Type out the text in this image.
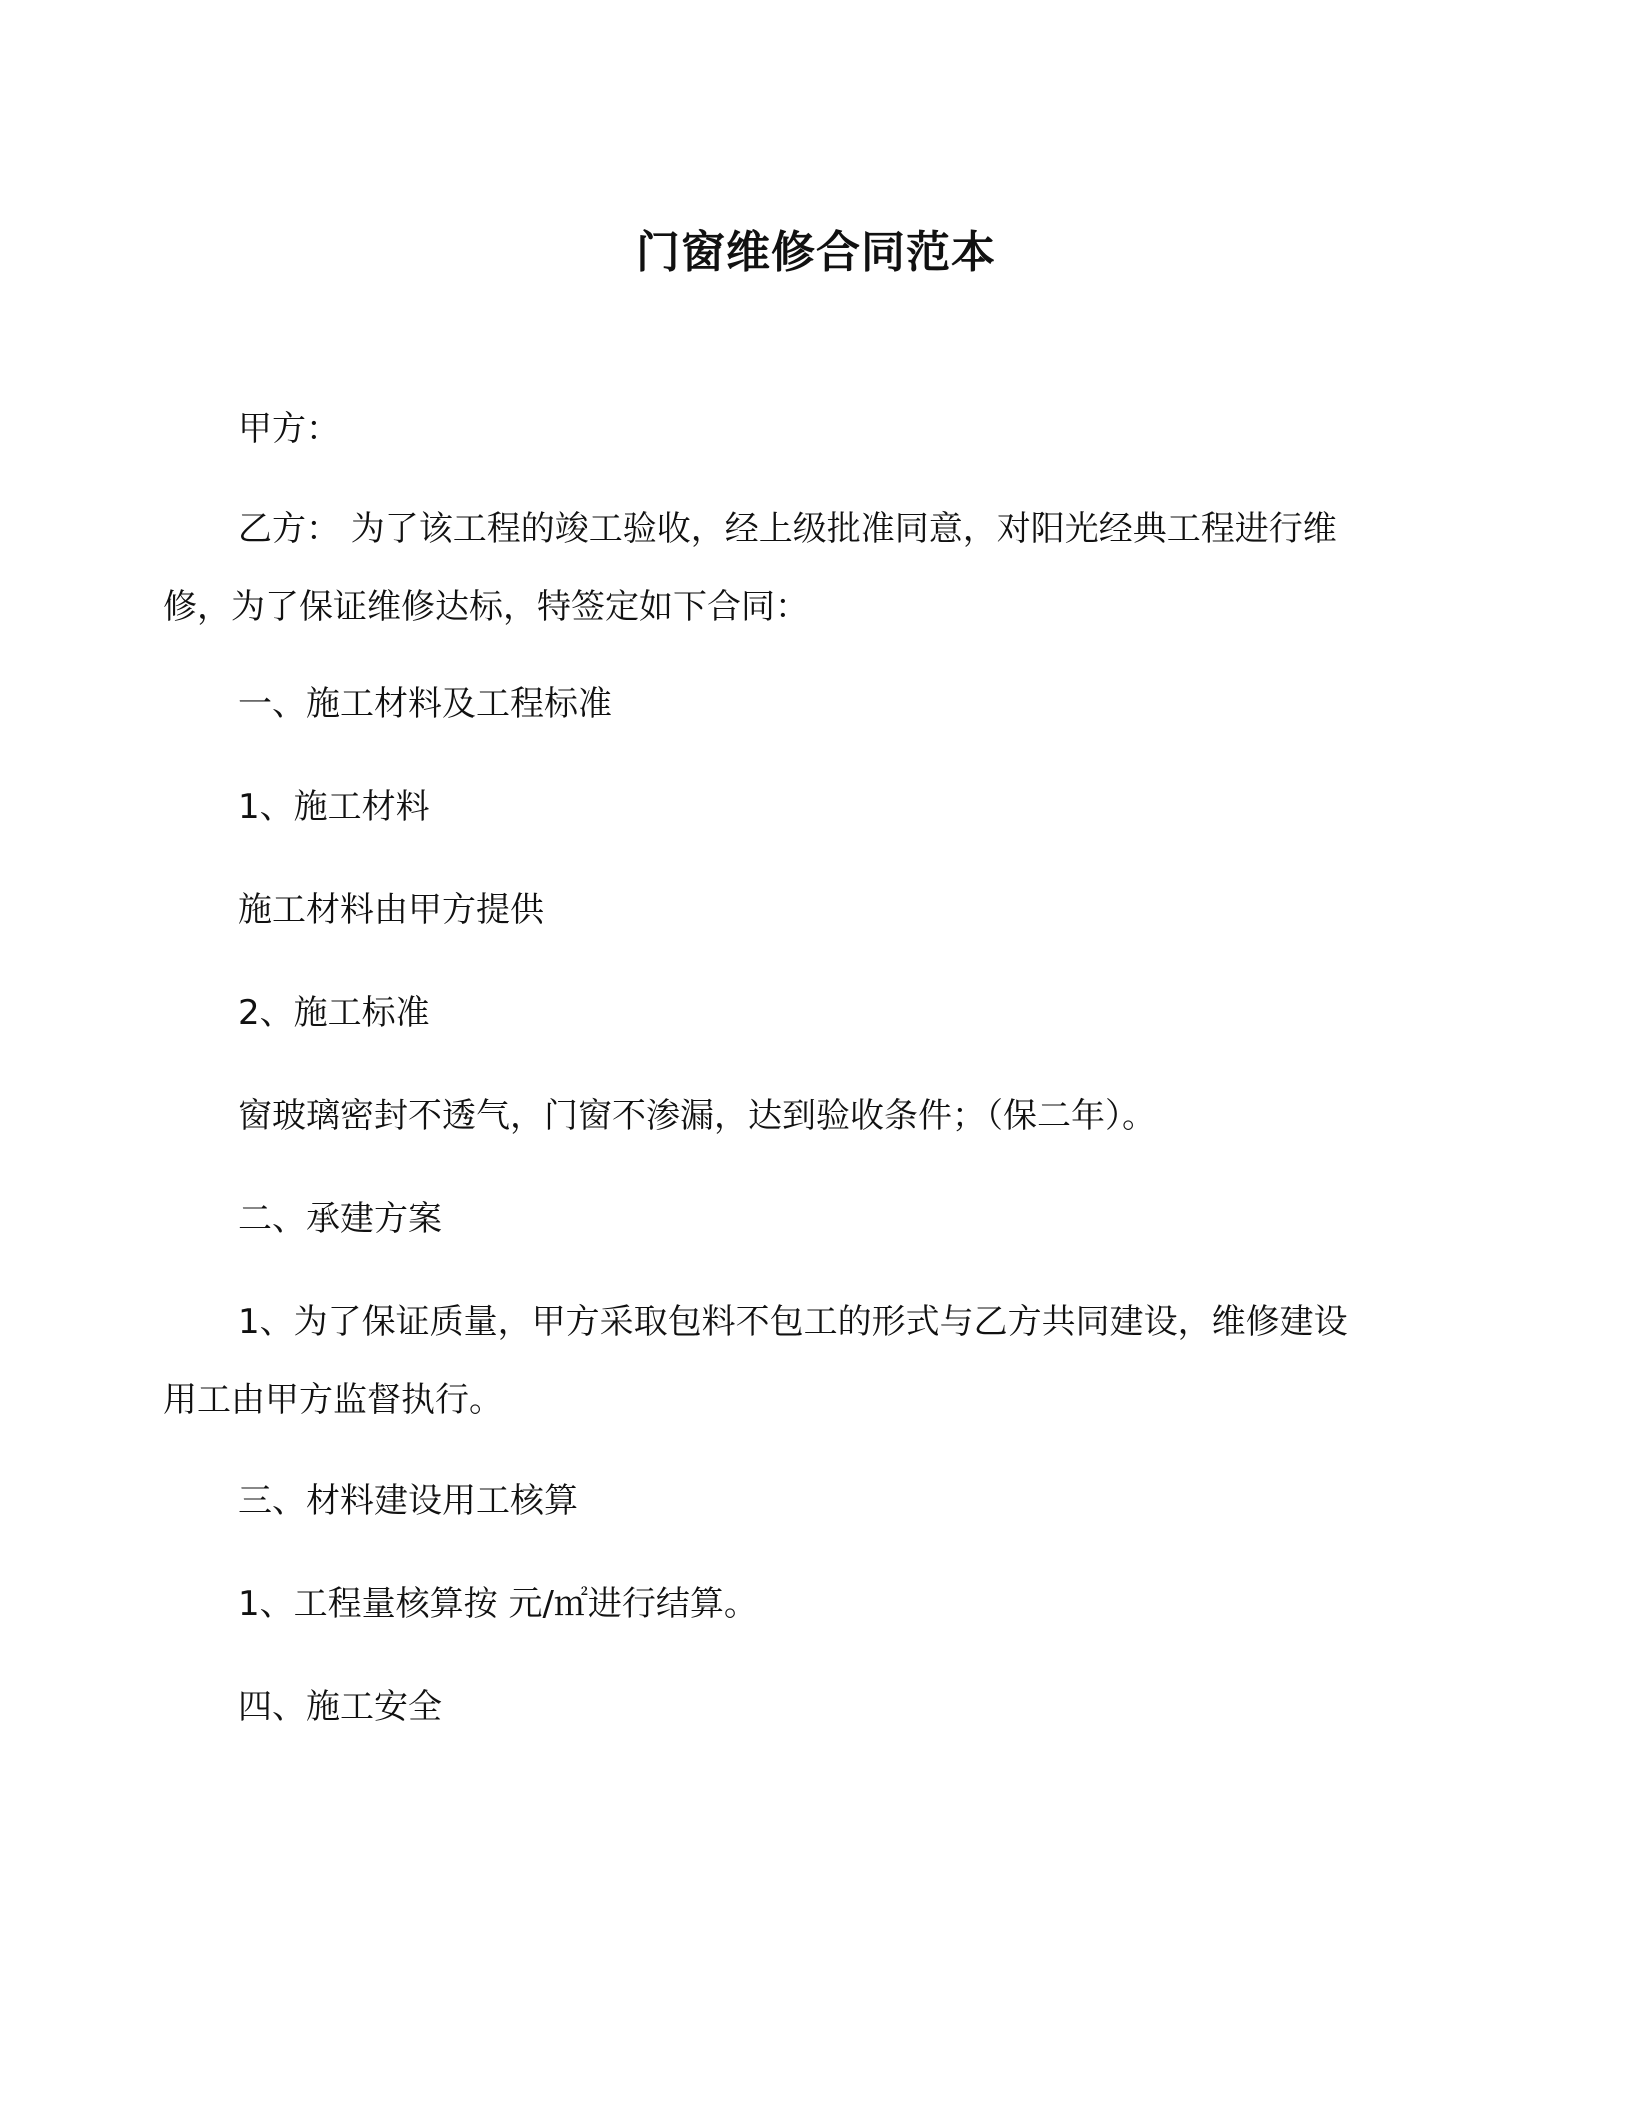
门窗维修合同范本

甲方：

乙方： 为了该工程的竣工验收，经上级批准同意，对阳光经典工程进行维修，为了保证维修达标，特签定如下合同：

一、施工材料及工程标准

1、施工材料

施工材料由甲方提供

2、施工标准

窗玻璃密封不透气，门窗不渗漏，达到验收条件；（保二年）。

二、承建方案

1、为了保证质量，甲方采取包料不包工的形式与乙方共同建设，维修建设用工由甲方监督执行。

三、材料建设用工核算

1、工程量核算按 元/㎡进行结算。

四、施工安全
